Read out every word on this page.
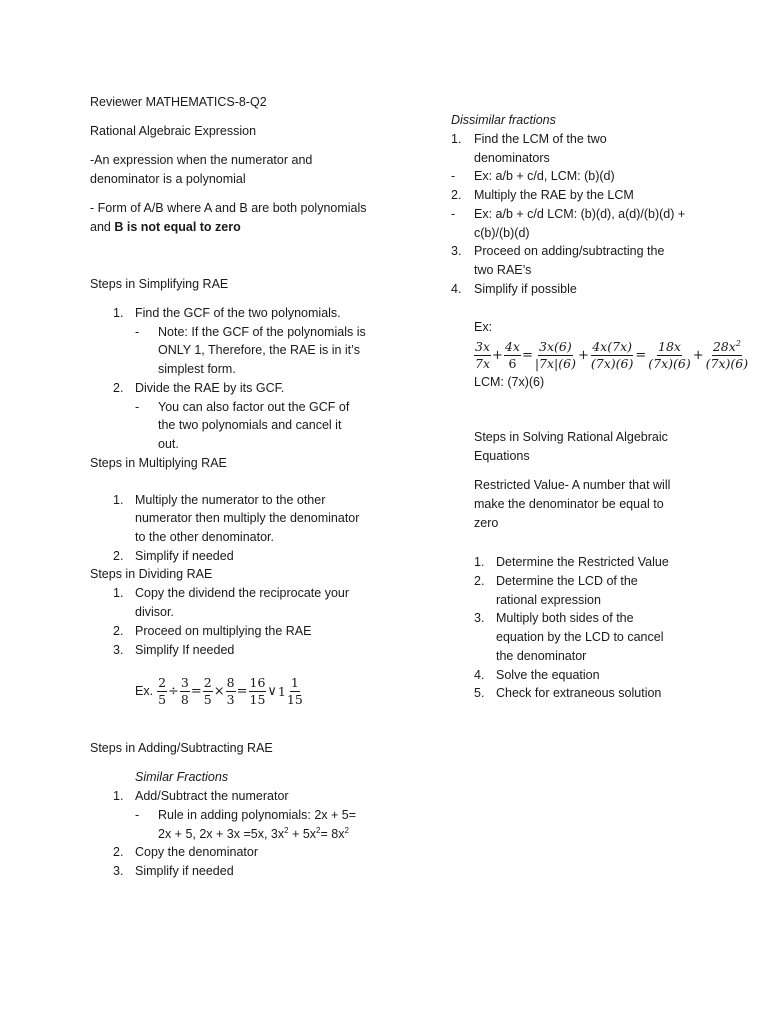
Reviewer MATHEMATICS-8-Q2

Rational Algebraic Expression

-An expression when the numerator and denominator is a polynomial

- Form of A/B where A and B are both polynomials and B is not equal to zero

Steps in Simplifying RAE

1. Find the GCF of the two polynomials.
- Note: If the GCF of the polynomials is ONLY 1, Therefore, the RAE is in it’s simplest form.
2. Divide the RAE by its GCF.
- You can also factor out the GCF of the two polynomials and cancel it out.

Steps in Multiplying RAE

1. Multiply the numerator to the other numerator then multiply the denominator to the other denominator.
2. Simplify if needed

Steps in Dividing RAE

1. Copy the dividend the reciprocate your divisor.
2. Proceed on multiplying the RAE
3. Simplify If needed
Ex. $\frac{2}{5} \div \frac{3}{8} = \frac{2}{5} \times \frac{8}{3} = \frac{16}{15}$ ∨ $1 \frac{1}{15}$

Steps in Adding/Subtracting RAE

Similar Fractions

1. Add/Subtract the numerator
- Rule in adding polynomials: 2x + 5= 2x + 5, 2x + 3x =5x, $3x^2 + 5x^2= 8x^2$
2. Copy the denominator
3. Simplify if needed

Dissimilar fractions

1. Find the LCM of the two denominators
- Ex: a/b + c/d, LCM: (b)(d)
2. Multiply the RAE by the LCM
- Ex: a/b + c/d LCM: (b)(d), a(d)/(b)(d) + c(b)/(b)(d)
3. Proceed on adding/subtracting the two RAE’s
4. Simplify if possible

Ex:

$\frac{3x}{7x} + \frac{4x}{6} = \frac{3x(6)}{|7x|(6)} + \frac{4x(7x)}{(7x)(6)} = \frac{18x}{(7x)(6)} + \frac{28x^2}{(7x)(6)}$

LCM: (7x)(6)

Steps in Solving Rational Algebraic Equations

Restricted Value- A number that will make the denominator be equal to zero

1. Determine the Restricted Value
2. Determine the LCD of the rational expression
3. Multiply both sides of the equation by the LCD to cancel the denominator
4. Solve the equation
5. Check for extraneous solution
